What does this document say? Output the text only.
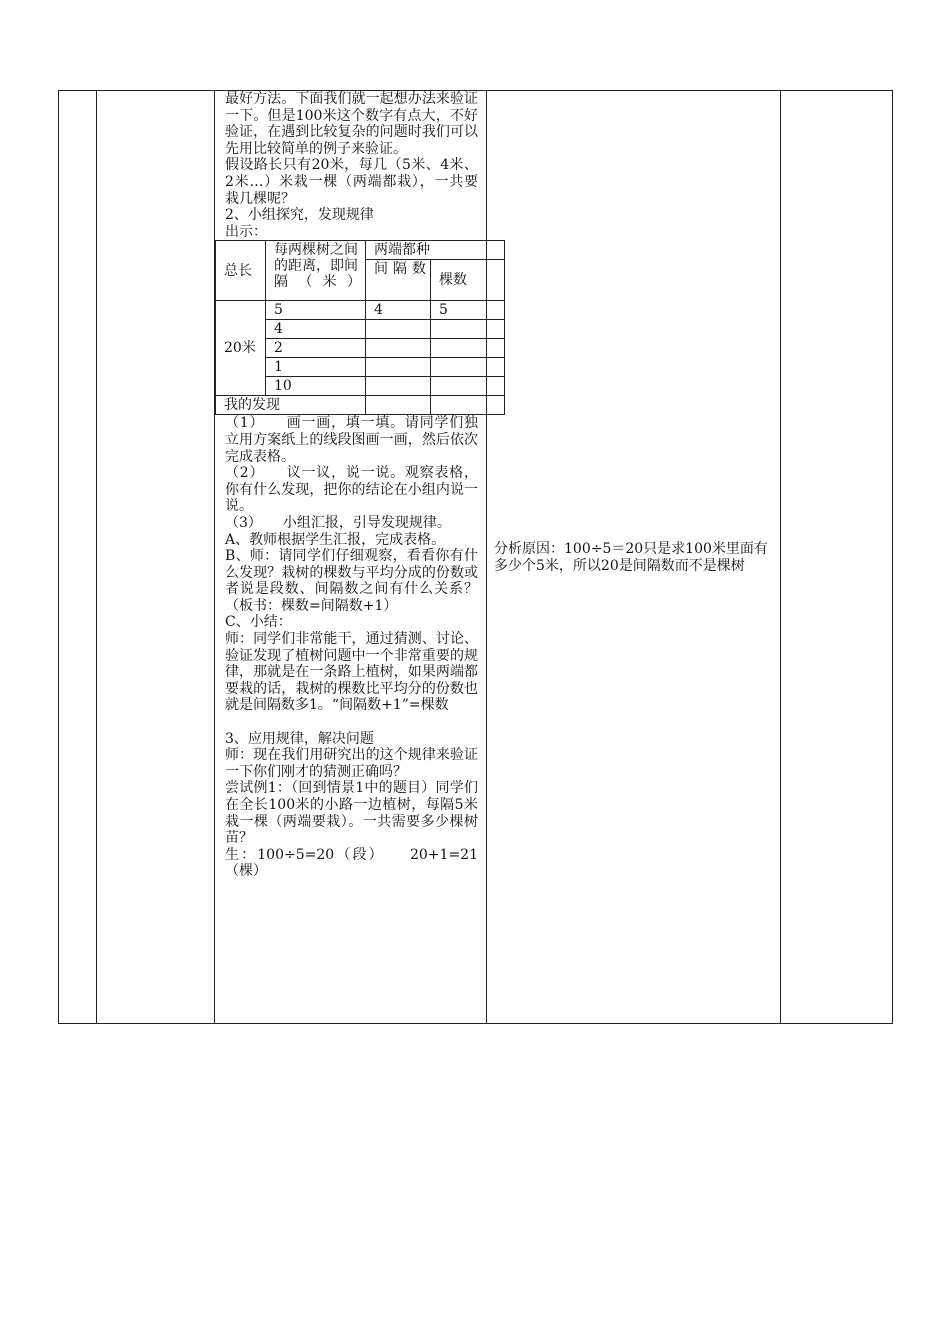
最好方法。下面我们就一起想办法来验证一下。但是100米这个数字有点大，不好验证，在遇到比较复杂的问题时我们可以先用比较简单的例子来验证。

假设路长只有20米，每几（5米、4米、2米…）米栽一棵（两端都栽），一共要栽几棵呢？

2、小组探究，发现规律

出示：

总长	每两棵树之间的距离，即间隔（米）	两端都种		
		间隔数	棵数	
20米	5	4	5	
	4			
	2			
	1			
	10			
我的发现				

（1）　　画一画，填一填。请同学们独立用方案纸上的线段图画一画，然后依次完成表格。

（2）　　议一议，说一说。观察表格，你有什么发现，把你的结论在小组内说一说。

（3）　　小组汇报，引导发现规律。

A、教师根据学生汇报，完成表格。

B、师：请同学们仔细观察，看看你有什么发现？栽树的棵数与平均分成的份数或者说是段数、间隔数之间有什么关系？（板书：棵数=间隔数+1）

C、小结：

师：同学们非常能干，通过猜测、讨论、验证发现了植树问题中一个非常重要的规律，那就是在一条路上植树，如果两端都要栽的话，栽树的棵数比平均分的份数也就是间隔数多1。“间隔数+1”=棵数

3、应用规律，解决问题

师：现在我们用研究出的这个规律来验证一下你们刚才的猜测正确吗？

尝试例1：（回到情景1中的题目）同学们在全长100米的小路一边植树，每隔5米栽一棵（两端要栽）。一共需要多少棵树苗？

生：100÷5=20（段）　　20+1=21（棵）

分析原因：100÷5＝20只是求100米里面有多少个5米，所以20是间隔数而不是棵树
